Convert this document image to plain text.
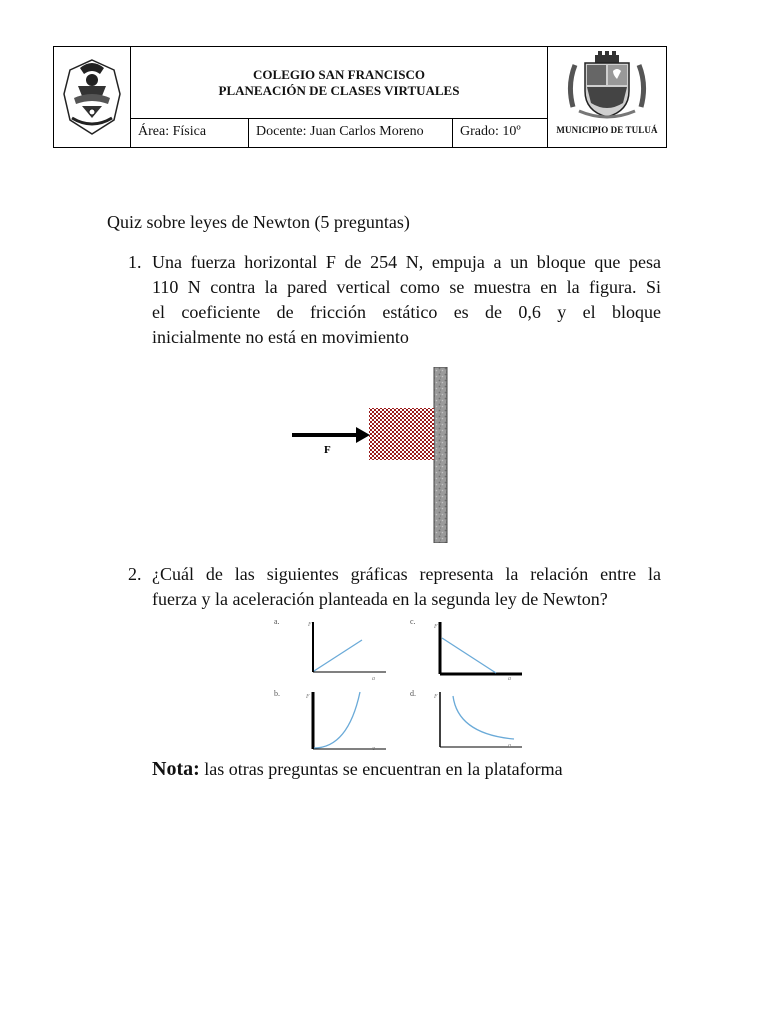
COLEGIO SAN FRANCISCO
PLANEACIÓN DE CLASES VIRTUALES
MUNICIPIO DE TULUÁ
Área: Física	Docente: Juan Carlos Moreno	Grado: 10º
Quiz sobre leyes de Newton (5 preguntas)
1. Una fuerza horizontal F de 254 N, empuja a un bloque que pesa
110 N contra la pared vertical como se muestra en la figura. Si
el coeficiente de fricción estático es de 0,6 y el bloque
inicialmente no está en movimiento
F
2. ¿Cuál de las siguientes gráficas representa la relación entre la
fuerza y la aceleración planteada en la segunda ley de Newton?
a.	F
a
c.
F
a
b.	F
a
d.	F
a
Nota: las otras preguntas se encuentran en la plataforma
